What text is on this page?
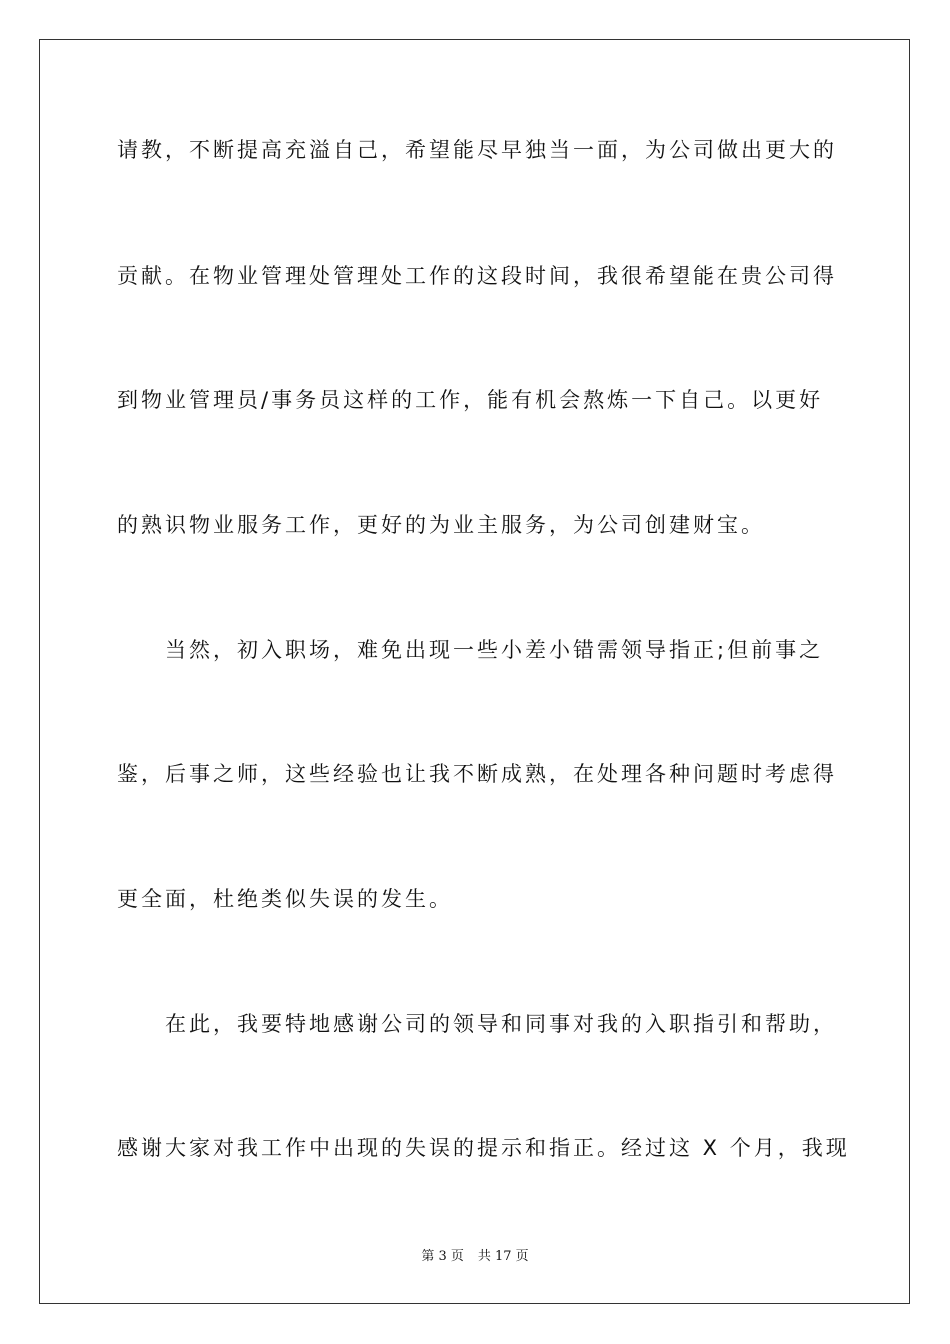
请教，不断提高充溢自己，希望能尽早独当一面，为公司做出更大的
贡献。在物业管理处管理处工作的这段时间，我很希望能在贵公司得
到物业管理员/事务员这样的工作，能有机会熬炼一下自己。以更好
的熟识物业服务工作，更好的为业主服务，为公司创建财宝。
当然，初入职场，难免出现一些小差小错需领导指正;但前事之
鉴，后事之师，这些经验也让我不断成熟，在处理各种问题时考虑得
更全面，杜绝类似失误的发生。
在此，我要特地感谢公司的领导和同事对我的入职指引和帮助，
感谢大家对我工作中出现的失误的提示和指正。经过这 X 个月，我现
第 3 页 共 17 页
